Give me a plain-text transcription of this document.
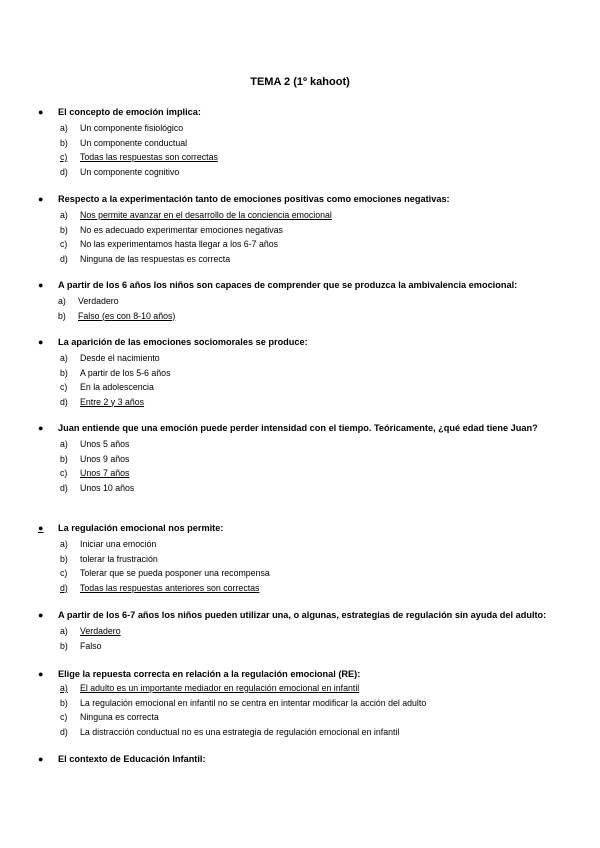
TEMA 2 (1º kahoot)
● El concepto de emoción implica:
a) Un componente fisiológico
b) Un componente conductual
c) Todas las respuestas son correctas
d) Un componente cognitivo
● Respecto a la experimentación tanto de emociones positivas como emociones negativas:
a) Nos permite avanzar en el desarrollo de la conciencia emocional
b) No es adecuado experimentar emociones negativas
c) No las experimentamos hasta llegar a los 6-7 años
d) Ninguna de las respuestas es correcta
● A partir de los 6 años los niños son capaces de comprender que se produzca la ambivalencia emocional:
a) Verdadero
b) Falso (es con 8-10 años)
● La aparición de las emociones sociomorales se produce:
a) Desde el nacimiento
b) A partir de los 5-6 años
c) En la adolescencia
d) Entre 2 y 3 años
● Juan entiende que una emoción puede perder intensidad con el tiempo. Teóricamente, ¿qué edad tiene Juan?
a) Unos 5 años
b) Unos 9 años
c) Unos 7 años
d) Unos 10 años
● La regulación emocional nos permite:
a) Iniciar una emoción
b) tolerar la frustración
c) Tolerar que se pueda posponer una recompensa
d) Todas las respuestas anteriores son correctas
● A partir de los 6-7 años los niños pueden utilizar una, o algunas, estrategias de regulación sin ayuda del adulto:
a) Verdadero
b) Falso
● Elige la repuesta correcta en relación a la regulación emocional (RE):
a) El adulto es un importante mediador en regulación emocional en infantil
b) La regulación emocional en infantil no se centra en intentar modificar la acción del adulto
c) Ninguna es correcta
d) La distracción conductual no es una estrategia de regulación emocional en infantil
● El contexto de Educación Infantil:
